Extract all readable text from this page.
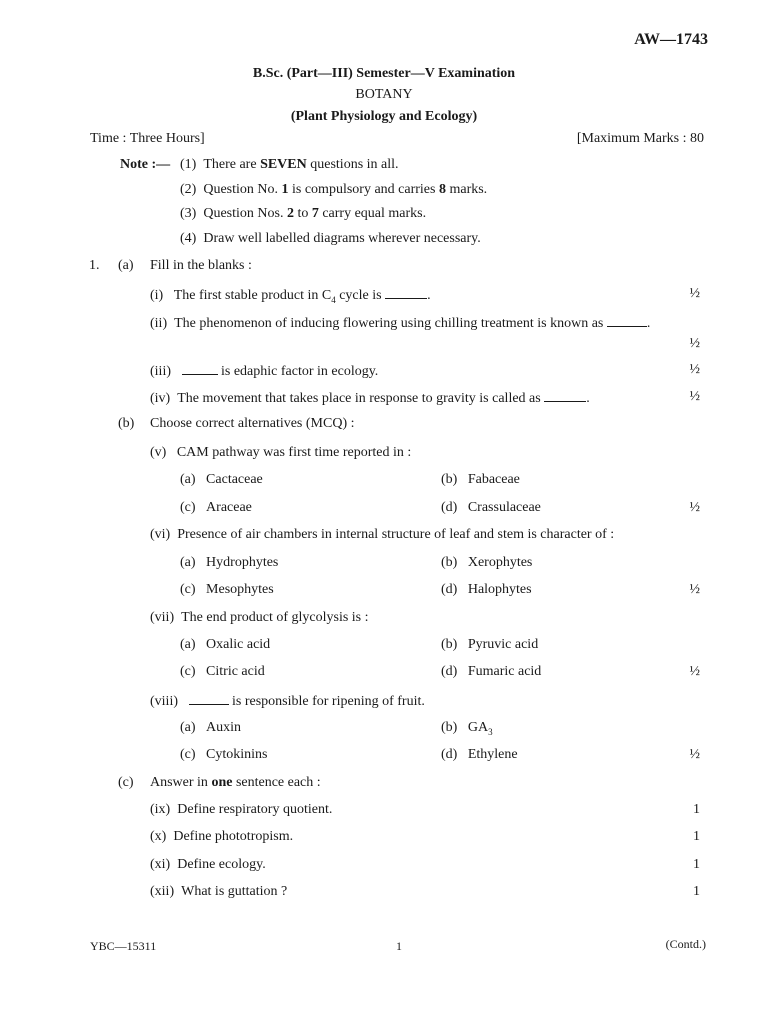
AW—1743
B.Sc. (Part—III) Semester—V Examination
BOTANY
(Plant Physiology and Ecology)
Time : Three Hours]	[Maximum Marks : 80
Note :— (1) There are SEVEN questions in all.
(2) Question No. 1 is compulsory and carries 8 marks.
(3) Question Nos. 2 to 7 carry equal marks.
(4) Draw well labelled diagrams wherever necessary.
1. (a) Fill in the blanks :
(i) The first stable product in $C_4$ cycle is	.	½
(ii) The phenomenon of inducing flowering using chilling treatment is known as	.
½
(iii)	is edaphic factor in ecology.	½
(iv) The movement that takes place in response to gravity is called as	.	½
(b) Choose correct alternatives (MCQ) :
(v) CAM pathway was first time reported in :
(a) Cactaceae	(b) Fabaceae
(c) Araceae	(d) Crassulaceae	½
(vi) Presence of air chambers in internal structure of leaf and stem is character of :
(a) Hydrophytes	(b) Xerophytes
(c) Mesophytes	(d) Halophytes	½
(vii) The end product of glycolysis is :
(a) Oxalic acid	(b) Pyruvic acid
(c) Citric acid	(d) Fumaric acid	½
(viii)	is responsible for ripening of fruit.
(a) Auxin	(b) $GA_3$
(c) Cytokinins	(d) Ethylene	½
(c) Answer in one sentence each :
(ix) Define respiratory quotient.	1
(x) Define phototropism.	1
(xi) Define ecology.	1
(xii) What is guttation ?	1
YBC—15311	1	(Contd.)
